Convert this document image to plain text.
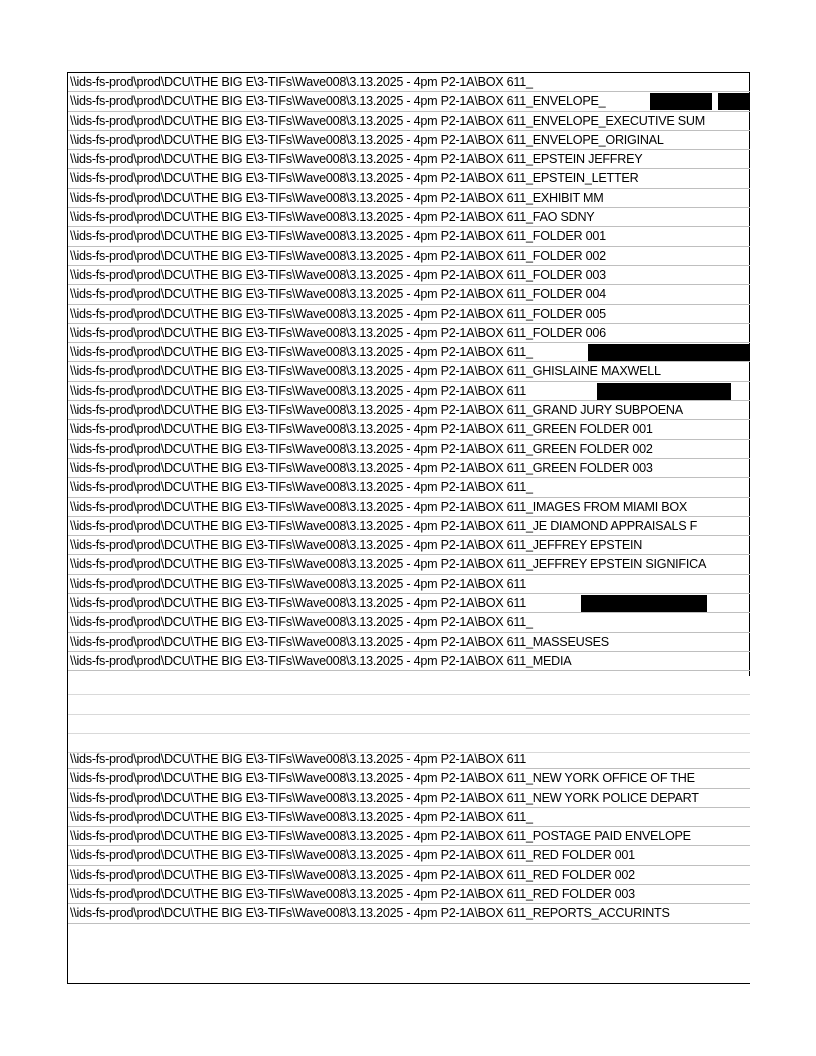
\\ids-fs-prod\prod\DCU\THE BIG E\3-TIFs\Wave008\3.13.2025 - 4pm P2-1A\BOX 611_
\\ids-fs-prod\prod\DCU\THE BIG E\3-TIFs\Wave008\3.13.2025 - 4pm P2-1A\BOX 611_ENVELOPE_
\\ids-fs-prod\prod\DCU\THE BIG E\3-TIFs\Wave008\3.13.2025 - 4pm P2-1A\BOX 611_ENVELOPE_EXECUTIVE SUM
\\ids-fs-prod\prod\DCU\THE BIG E\3-TIFs\Wave008\3.13.2025 - 4pm P2-1A\BOX 611_ENVELOPE_ORIGINAL
\\ids-fs-prod\prod\DCU\THE BIG E\3-TIFs\Wave008\3.13.2025 - 4pm P2-1A\BOX 611_EPSTEIN JEFFREY
\\ids-fs-prod\prod\DCU\THE BIG E\3-TIFs\Wave008\3.13.2025 - 4pm P2-1A\BOX 611_EPSTEIN_LETTER
\\ids-fs-prod\prod\DCU\THE BIG E\3-TIFs\Wave008\3.13.2025 - 4pm P2-1A\BOX 611_EXHIBIT MM
\\ids-fs-prod\prod\DCU\THE BIG E\3-TIFs\Wave008\3.13.2025 - 4pm P2-1A\BOX 611_FAO SDNY
\\ids-fs-prod\prod\DCU\THE BIG E\3-TIFs\Wave008\3.13.2025 - 4pm P2-1A\BOX 611_FOLDER 001
\\ids-fs-prod\prod\DCU\THE BIG E\3-TIFs\Wave008\3.13.2025 - 4pm P2-1A\BOX 611_FOLDER 002
\\ids-fs-prod\prod\DCU\THE BIG E\3-TIFs\Wave008\3.13.2025 - 4pm P2-1A\BOX 611_FOLDER 003
\\ids-fs-prod\prod\DCU\THE BIG E\3-TIFs\Wave008\3.13.2025 - 4pm P2-1A\BOX 611_FOLDER 004
\\ids-fs-prod\prod\DCU\THE BIG E\3-TIFs\Wave008\3.13.2025 - 4pm P2-1A\BOX 611_FOLDER 005
\\ids-fs-prod\prod\DCU\THE BIG E\3-TIFs\Wave008\3.13.2025 - 4pm P2-1A\BOX 611_FOLDER 006
\\ids-fs-prod\prod\DCU\THE BIG E\3-TIFs\Wave008\3.13.2025 - 4pm P2-1A\BOX 611_
\\ids-fs-prod\prod\DCU\THE BIG E\3-TIFs\Wave008\3.13.2025 - 4pm P2-1A\BOX 611_GHISLAINE MAXWELL
\\ids-fs-prod\prod\DCU\THE BIG E\3-TIFs\Wave008\3.13.2025 - 4pm P2-1A\BOX 611
\\ids-fs-prod\prod\DCU\THE BIG E\3-TIFs\Wave008\3.13.2025 - 4pm P2-1A\BOX 611_GRAND JURY SUBPOENA
\\ids-fs-prod\prod\DCU\THE BIG E\3-TIFs\Wave008\3.13.2025 - 4pm P2-1A\BOX 611_GREEN FOLDER 001
\\ids-fs-prod\prod\DCU\THE BIG E\3-TIFs\Wave008\3.13.2025 - 4pm P2-1A\BOX 611_GREEN FOLDER 002
\\ids-fs-prod\prod\DCU\THE BIG E\3-TIFs\Wave008\3.13.2025 - 4pm P2-1A\BOX 611_GREEN FOLDER 003
\\ids-fs-prod\prod\DCU\THE BIG E\3-TIFs\Wave008\3.13.2025 - 4pm P2-1A\BOX 611_
\\ids-fs-prod\prod\DCU\THE BIG E\3-TIFs\Wave008\3.13.2025 - 4pm P2-1A\BOX 611_IMAGES FROM MIAMI BOX
\\ids-fs-prod\prod\DCU\THE BIG E\3-TIFs\Wave008\3.13.2025 - 4pm P2-1A\BOX 611_JE DIAMOND APPRAISALS F
\\ids-fs-prod\prod\DCU\THE BIG E\3-TIFs\Wave008\3.13.2025 - 4pm P2-1A\BOX 611_JEFFREY EPSTEIN
\\ids-fs-prod\prod\DCU\THE BIG E\3-TIFs\Wave008\3.13.2025 - 4pm P2-1A\BOX 611_JEFFREY EPSTEIN SIGNIFICA
\\ids-fs-prod\prod\DCU\THE BIG E\3-TIFs\Wave008\3.13.2025 - 4pm P2-1A\BOX 611
\\ids-fs-prod\prod\DCU\THE BIG E\3-TIFs\Wave008\3.13.2025 - 4pm P2-1A\BOX 611
\\ids-fs-prod\prod\DCU\THE BIG E\3-TIFs\Wave008\3.13.2025 - 4pm P2-1A\BOX 611_
\\ids-fs-prod\prod\DCU\THE BIG E\3-TIFs\Wave008\3.13.2025 - 4pm P2-1A\BOX 611_MASSEUSES
\\ids-fs-prod\prod\DCU\THE BIG E\3-TIFs\Wave008\3.13.2025 - 4pm P2-1A\BOX 611_MEDIA
\\ids-fs-prod\prod\DCU\THE BIG E\3-TIFs\Wave008\3.13.2025 - 4pm P2-1A\BOX 611
\\ids-fs-prod\prod\DCU\THE BIG E\3-TIFs\Wave008\3.13.2025 - 4pm P2-1A\BOX 611_NEW YORK OFFICE OF THE
\\ids-fs-prod\prod\DCU\THE BIG E\3-TIFs\Wave008\3.13.2025 - 4pm P2-1A\BOX 611_NEW YORK POLICE DEPART
\\ids-fs-prod\prod\DCU\THE BIG E\3-TIFs\Wave008\3.13.2025 - 4pm P2-1A\BOX 611_
\\ids-fs-prod\prod\DCU\THE BIG E\3-TIFs\Wave008\3.13.2025 - 4pm P2-1A\BOX 611_POSTAGE PAID ENVELOPE
\\ids-fs-prod\prod\DCU\THE BIG E\3-TIFs\Wave008\3.13.2025 - 4pm P2-1A\BOX 611_RED FOLDER 001
\\ids-fs-prod\prod\DCU\THE BIG E\3-TIFs\Wave008\3.13.2025 - 4pm P2-1A\BOX 611_RED FOLDER 002
\\ids-fs-prod\prod\DCU\THE BIG E\3-TIFs\Wave008\3.13.2025 - 4pm P2-1A\BOX 611_RED FOLDER 003
\\ids-fs-prod\prod\DCU\THE BIG E\3-TIFs\Wave008\3.13.2025 - 4pm P2-1A\BOX 611_REPORTS_ACCURINTS
